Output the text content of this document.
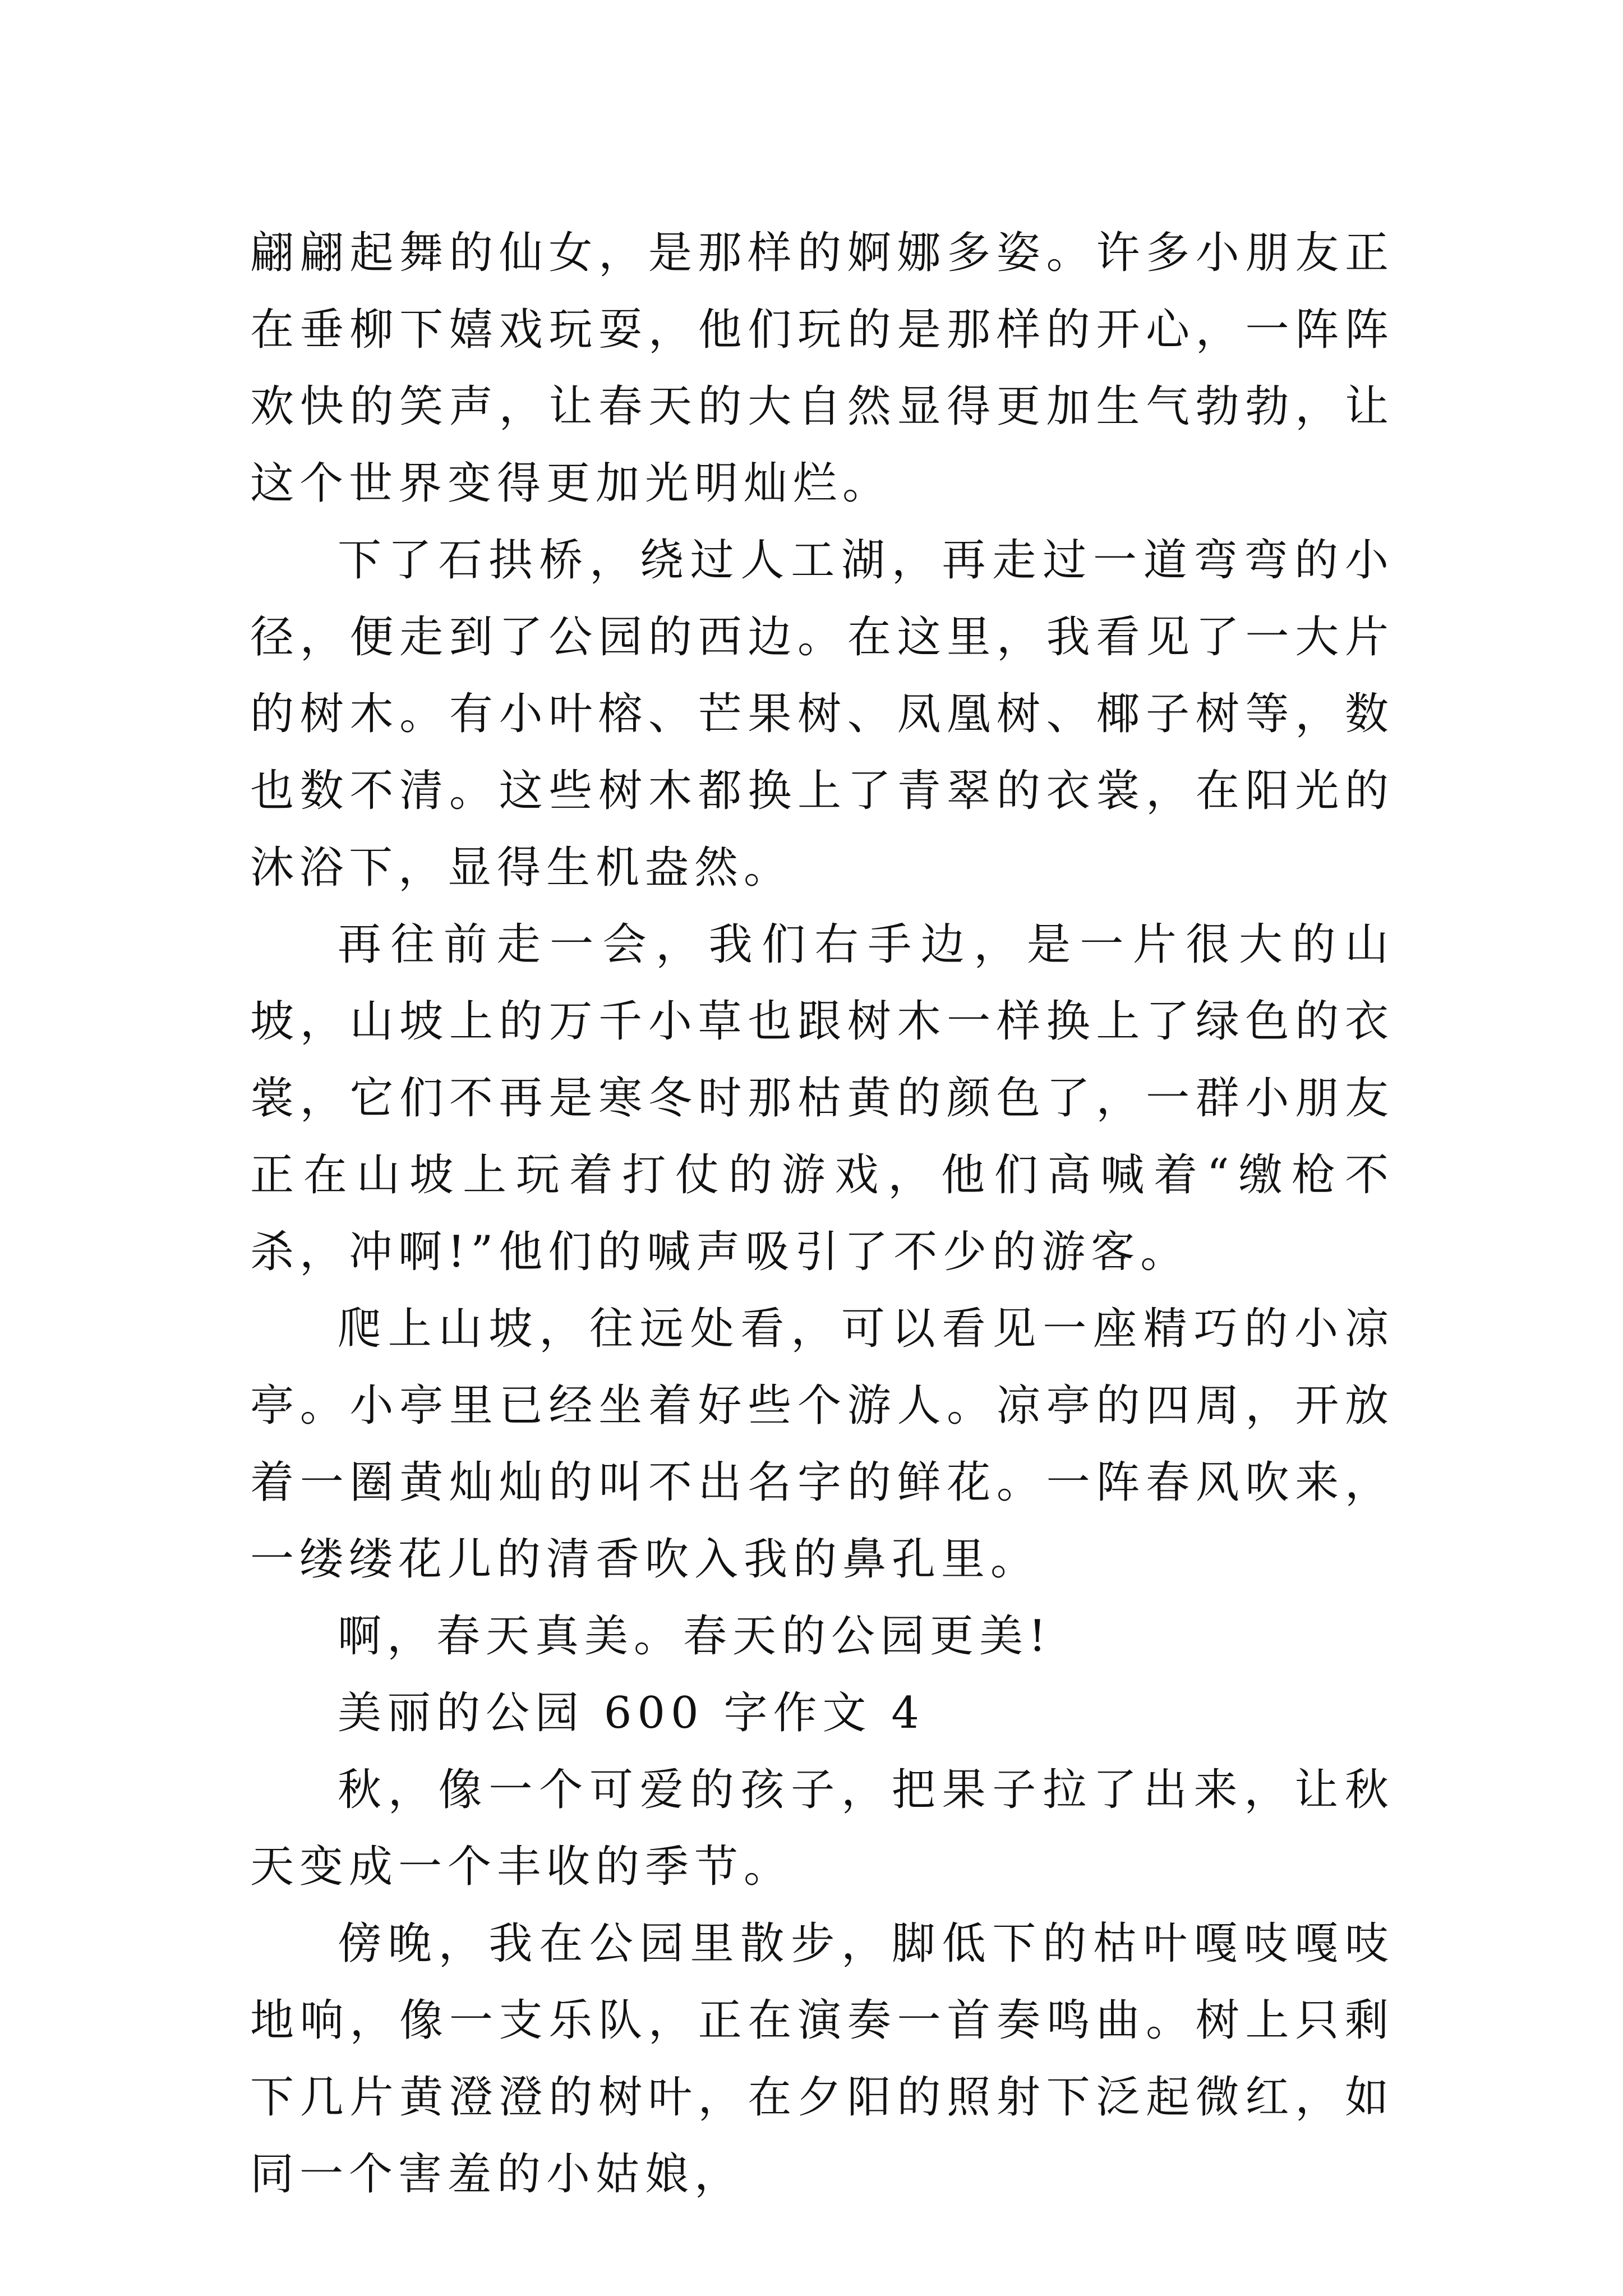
翩翩起舞的仙女，是那样的婀娜多姿。许多小朋友正在垂柳下嬉戏玩耍，他们玩的是那样的开心，一阵阵欢快的笑声，让春天的大自然显得更加生气勃勃，让这个世界变得更加光明灿烂。

下了石拱桥，绕过人工湖，再走过一道弯弯的小径，便走到了公园的西边。在这里，我看见了一大片的树木。有小叶榕、芒果树、凤凰树、椰子树等，数也数不清。这些树木都换上了青翠的衣裳，在阳光的沐浴下，显得生机盎然。

再往前走一会，我们右手边，是一片很大的山坡，山坡上的万千小草也跟树木一样换上了绿色的衣裳，它们不再是寒冬时那枯黄的颜色了，一群小朋友正在山坡上玩着打仗的游戏，他们高喊着“缴枪不杀，冲啊!”他们的喊声吸引了不少的游客。

爬上山坡，往远处看，可以看见一座精巧的小凉亭。小亭里已经坐着好些个游人。凉亭的四周，开放着一圈黄灿灿的叫不出名字的鲜花。一阵春风吹来，一缕缕花儿的清香吹入我的鼻孔里。

啊，春天真美。春天的公园更美!

美丽的公园 600 字作文 4

秋，像一个可爱的孩子，把果子拉了出来，让秋天变成一个丰收的季节。

傍晚，我在公园里散步，脚低下的枯叶嘎吱嘎吱地响，像一支乐队，正在演奏一首奏鸣曲。树上只剩下几片黄澄澄的树叶，在夕阳的照射下泛起微红，如同一个害羞的小姑娘，
